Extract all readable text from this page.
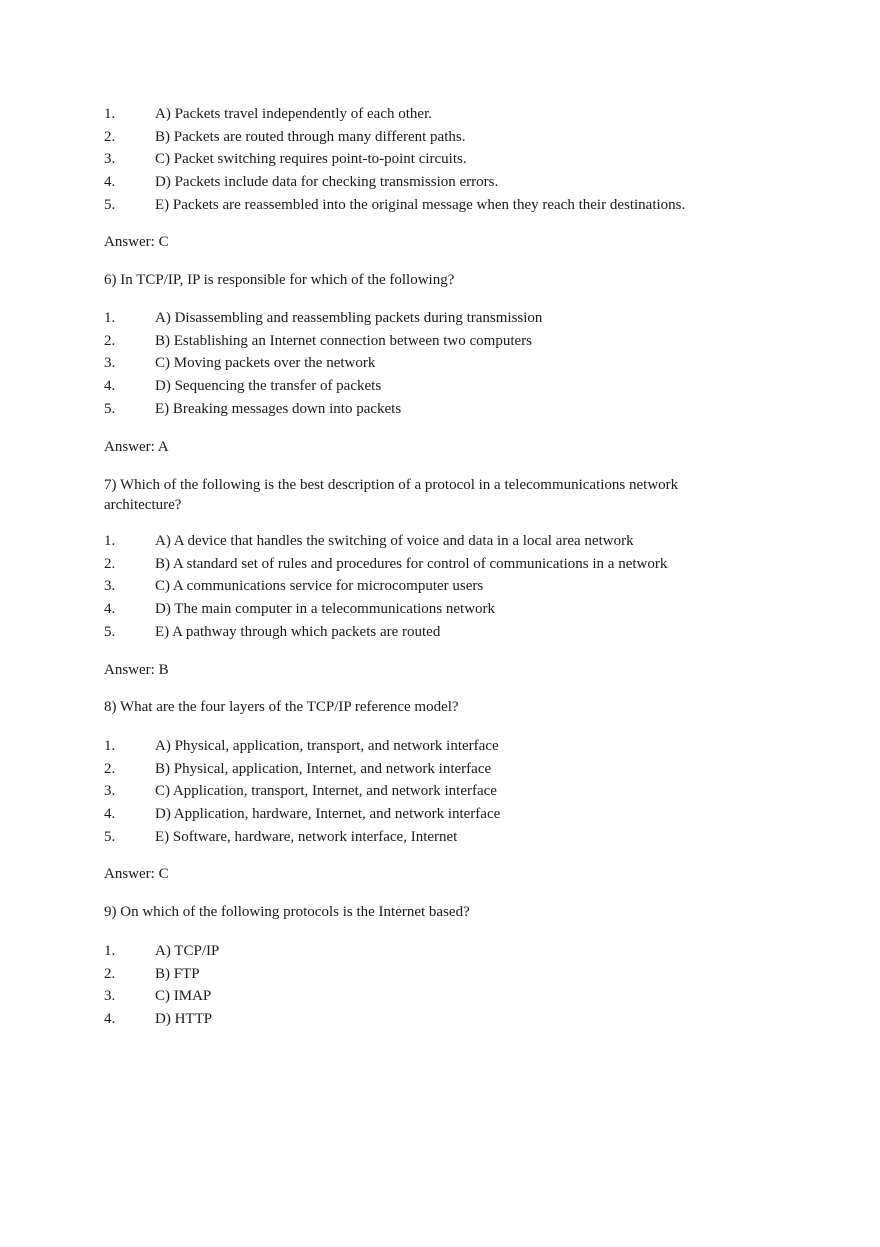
1.	A) Packets travel independently of each other.
2.	B) Packets are routed through many different paths.
3.	C) Packet switching requires point-to-point circuits.
4.	D) Packets include data for checking transmission errors.
5.	E) Packets are reassembled into the original message when they reach their destinations.

Answer: C

6) In TCP/IP, IP is responsible for which of the following?

1.	A) Disassembling and reassembling packets during transmission
2.	B) Establishing an Internet connection between two computers
3.	C) Moving packets over the network
4.	D) Sequencing the transfer of packets
5.	E) Breaking messages down into packets

Answer: A

7) Which of the following is the best description of a protocol in a telecommunications network architecture?

1.	A) A device that handles the switching of voice and data in a local area network
2.	B) A standard set of rules and procedures for control of communications in a network
3.	C) A communications service for microcomputer users
4.	D) The main computer in a telecommunications network
5.	E) A pathway through which packets are routed

Answer: B

8) What are the four layers of the TCP/IP reference model?

1.	A) Physical, application, transport, and network interface
2.	B) Physical, application, Internet, and network interface
3.	C) Application, transport, Internet, and network interface
4.	D) Application, hardware, Internet, and network interface
5.	E) Software, hardware, network interface, Internet

Answer: C

9) On which of the following protocols is the Internet based?

1.	A) TCP/IP
2.	B) FTP
3.	C) IMAP
4.	D) HTTP
